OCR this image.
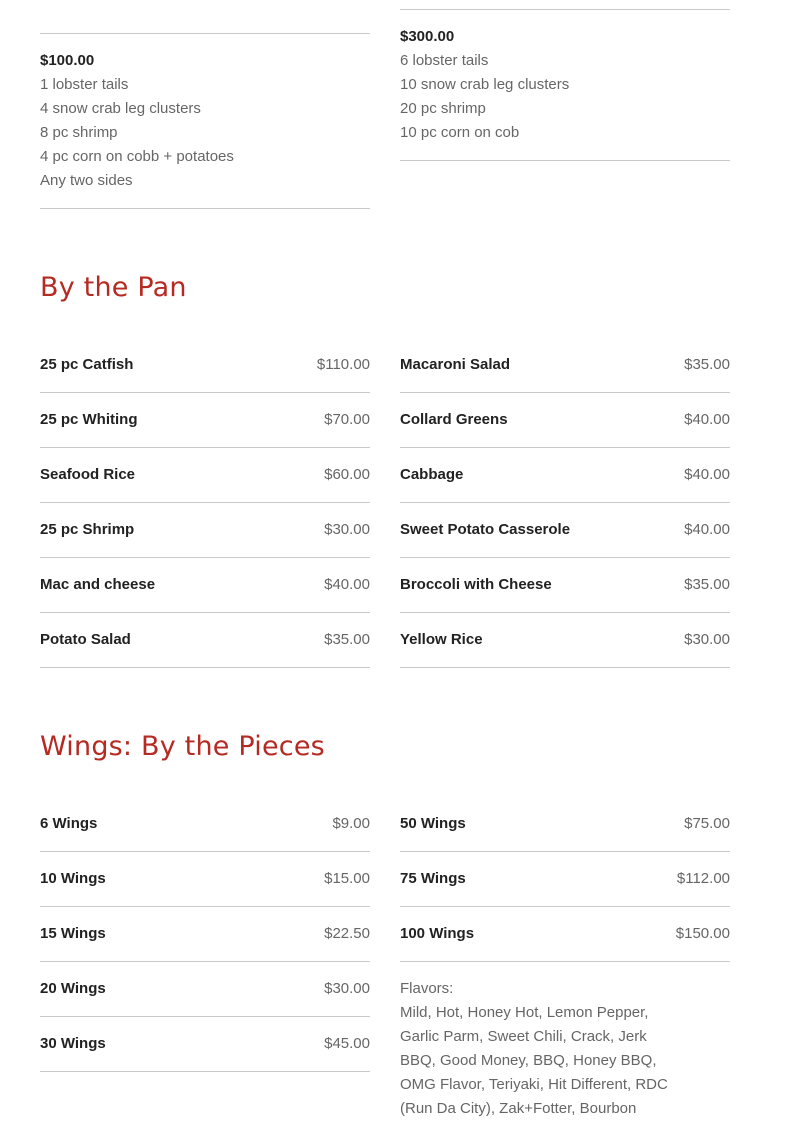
$100.00
1 lobster tails
4 snow crab leg clusters
8 pc shrimp
4 pc corn on cobb + potatoes
Any two sides
$300.00
6 lobster tails
10 snow crab leg clusters
20 pc shrimp
10 pc corn on cob
By the Pan
25 pc Catfish	$110.00
25 pc Whiting	$70.00
Seafood Rice	$60.00
25 pc Shrimp	$30.00
Mac and cheese	$40.00
Potato Salad	$35.00
Macaroni Salad	$35.00
Collard Greens	$40.00
Cabbage	$40.00
Sweet Potato Casserole	$40.00
Broccoli with Cheese	$35.00
Yellow Rice	$30.00
Wings: By the Pieces
6 Wings	$9.00
10 Wings	$15.00
15 Wings	$22.50
20 Wings	$30.00
30 Wings	$45.00
50 Wings	$75.00
75 Wings	$112.00
100 Wings	$150.00
Flavors:
Mild, Hot, Honey Hot, Lemon Pepper, Garlic Parm, Sweet Chili, Crack, Jerk BBQ, Good Money, BBQ, Honey BBQ, OMG Flavor, Teriyaki, Hit Different, RDC (Run Da City), Zak+Fotter, Bourbon
